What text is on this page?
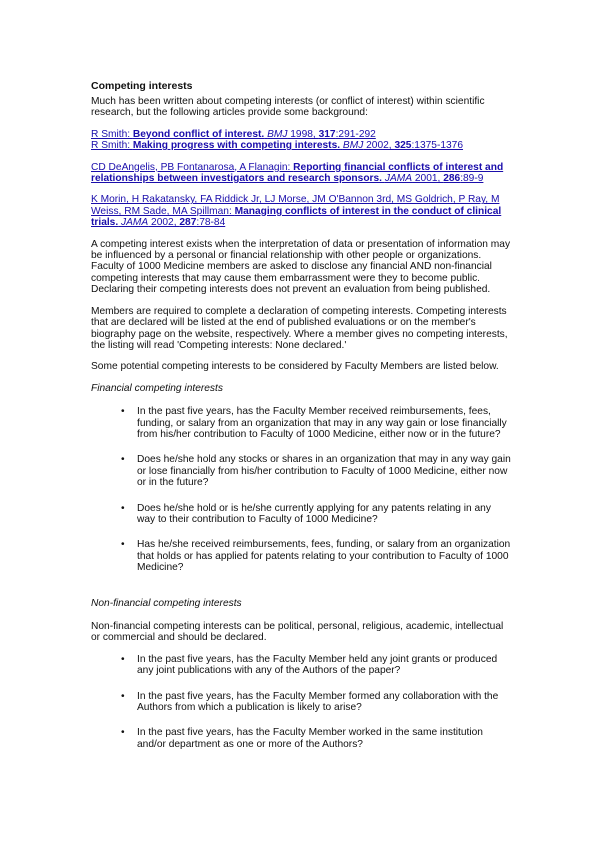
Competing interests

Much has been written about competing interests (or conflict of interest) within scientific research, but the following articles provide some background:

R Smith: Beyond conflict of interest. BMJ 1998, 317:291-292
R Smith: Making progress with competing interests. BMJ 2002, 325:1375-1376
CD DeAngelis, PB Fontanarosa, A Flanagin: Reporting financial conflicts of interest and relationships between investigators and research sponsors. JAMA 2001, 286:89-9
K Morin, H Rakatansky, FA Riddick Jr, LJ Morse, JM O'Bannon 3rd, MS Goldrich, P Ray, M Weiss, RM Sade, MA Spillman: Managing conflicts of interest in the conduct of clinical trials. JAMA 2002, 287:78-84

A competing interest exists when the interpretation of data or presentation of information may be influenced by a personal or financial relationship with other people or organizations. Faculty of 1000 Medicine members are asked to disclose any financial AND non-financial competing interests that may cause them embarrassment were they to become public. Declaring their competing interests does not prevent an evaluation from being published.

Members are required to complete a declaration of competing interests. Competing interests that are declared will be listed at the end of published evaluations or on the member's biography page on the website, respectively. Where a member gives no competing interests, the listing will read 'Competing interests: None declared.'

Some potential competing interests to be considered by Faculty Members are listed below.

Financial competing interests

• In the past five years, has the Faculty Member received reimbursements, fees, funding, or salary from an organization that may in any way gain or lose financially from his/her contribution to Faculty of 1000 Medicine, either now or in the future?
• Does he/she hold any stocks or shares in an organization that may in any way gain or lose financially from his/her contribution to Faculty of 1000 Medicine, either now or in the future?
• Does he/she hold or is he/she currently applying for any patents relating in any way to their contribution to Faculty of 1000 Medicine?
• Has he/she received reimbursements, fees, funding, or salary from an organization that holds or has applied for patents relating to your contribution to Faculty of 1000 Medicine?

Non-financial competing interests

Non-financial competing interests can be political, personal, religious, academic, intellectual or commercial and should be declared.

• In the past five years, has the Faculty Member held any joint grants or produced any joint publications with any of the Authors of the paper?
• In the past five years, has the Faculty Member formed any collaboration with the Authors from which a publication is likely to arise?
• In the past five years, has the Faculty Member worked in the same institution and/or department as one or more of the Authors?
